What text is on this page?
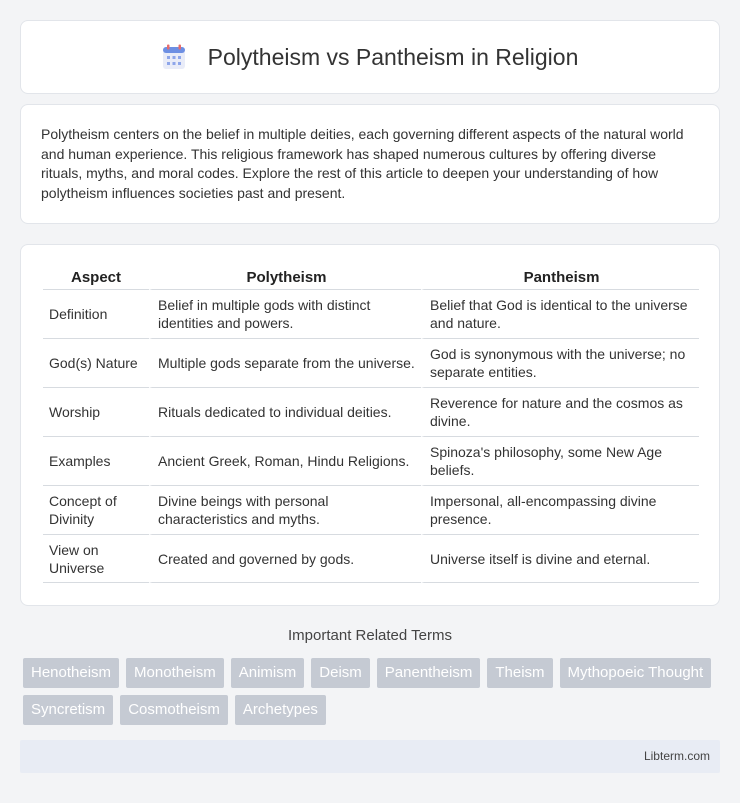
Polytheism vs Pantheism in Religion

Polytheism centers on the belief in multiple deities, each governing different aspects of the natural world and human experience. This religious framework has shaped numerous cultures by offering diverse rituals, myths, and moral codes. Explore the rest of this article to deepen your understanding of how polytheism influences societies past and present.

Aspect	Polytheism	Pantheism
Definition	Belief in multiple gods with distinct identities and powers.	Belief that God is identical to the universe and nature.
God(s) Nature	Multiple gods separate from the universe.	God is synonymous with the universe; no separate entities.
Worship	Rituals dedicated to individual deities.	Reverence for nature and the cosmos as divine.
Examples	Ancient Greek, Roman, Hindu Religions.	Spinoza's philosophy, some New Age beliefs.
Concept of Divinity	Divine beings with personal characteristics and myths.	Impersonal, all-encompassing divine presence.
View on Universe	Created and governed by gods.	Universe itself is divine and eternal.
Important Related Terms
Henotheism	Monotheism	Animism	Deism	Panentheism	Theism	Mythopoeic Thought
Syncretism	Cosmotheism	Archetypes
Libterm.com
